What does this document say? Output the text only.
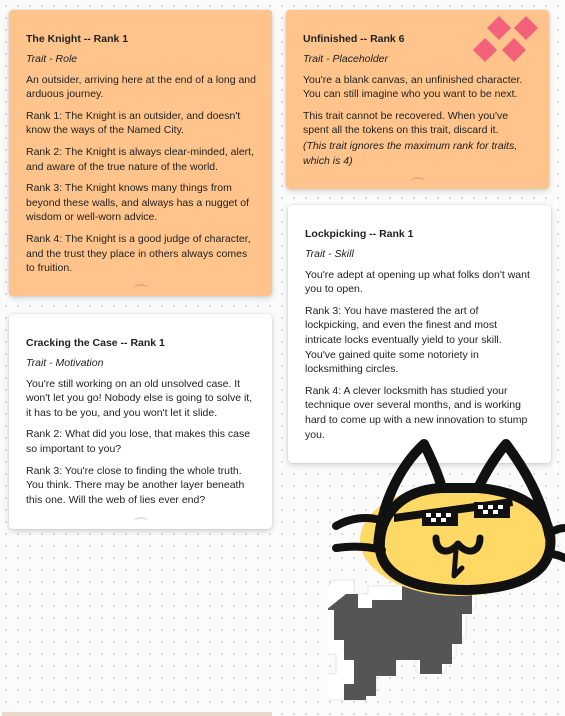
The Knight -- Rank 1
Trait - Role

An outsider, arriving here at the end of a long and arduous journey.

Rank 1: The Knight is an outsider, and doesn't know the ways of the Named City.

Rank 2: The Knight is always clear-minded, alert, and aware of the true nature of the world.

Rank 3: The Knight knows many things from beyond these walls, and always has a nugget of wisdom or well-worn advice.

Rank 4: The Knight is a good judge of character, and the trust they place in others always comes to fruition.

Unfinished -- Rank 6
Trait - Placeholder

You're a blank canvas, an unfinished character. You can still imagine who you want to be next.

This trait cannot be recovered. When you've spent all the tokens on this trait, discard it.

(This trait ignores the maximum rank for traits, which is 4)

Cracking the Case -- Rank 1
Trait - Motivation

You're still working on an old unsolved case. It won't let you go! Nobody else is going to solve it, it has to be you, and you won't let it slide.

Rank 2: What did you lose, that makes this case so important to you?

Rank 3: You're close to finding the whole truth. You think. There may be another layer beneath this one. Will the web of lies ever end?

Lockpicking -- Rank 1
Trait - Skill

You're adept at opening up what folks don't want you to open.

Rank 3: You have mastered the art of lockpicking, and even the finest and most intricate locks eventually yield to your skill. You've gained quite some notoriety in locksmithing circles.

Rank 4: A clever locksmith has studied your technique over several months, and is working hard to come up with a new innovation to stump you.
